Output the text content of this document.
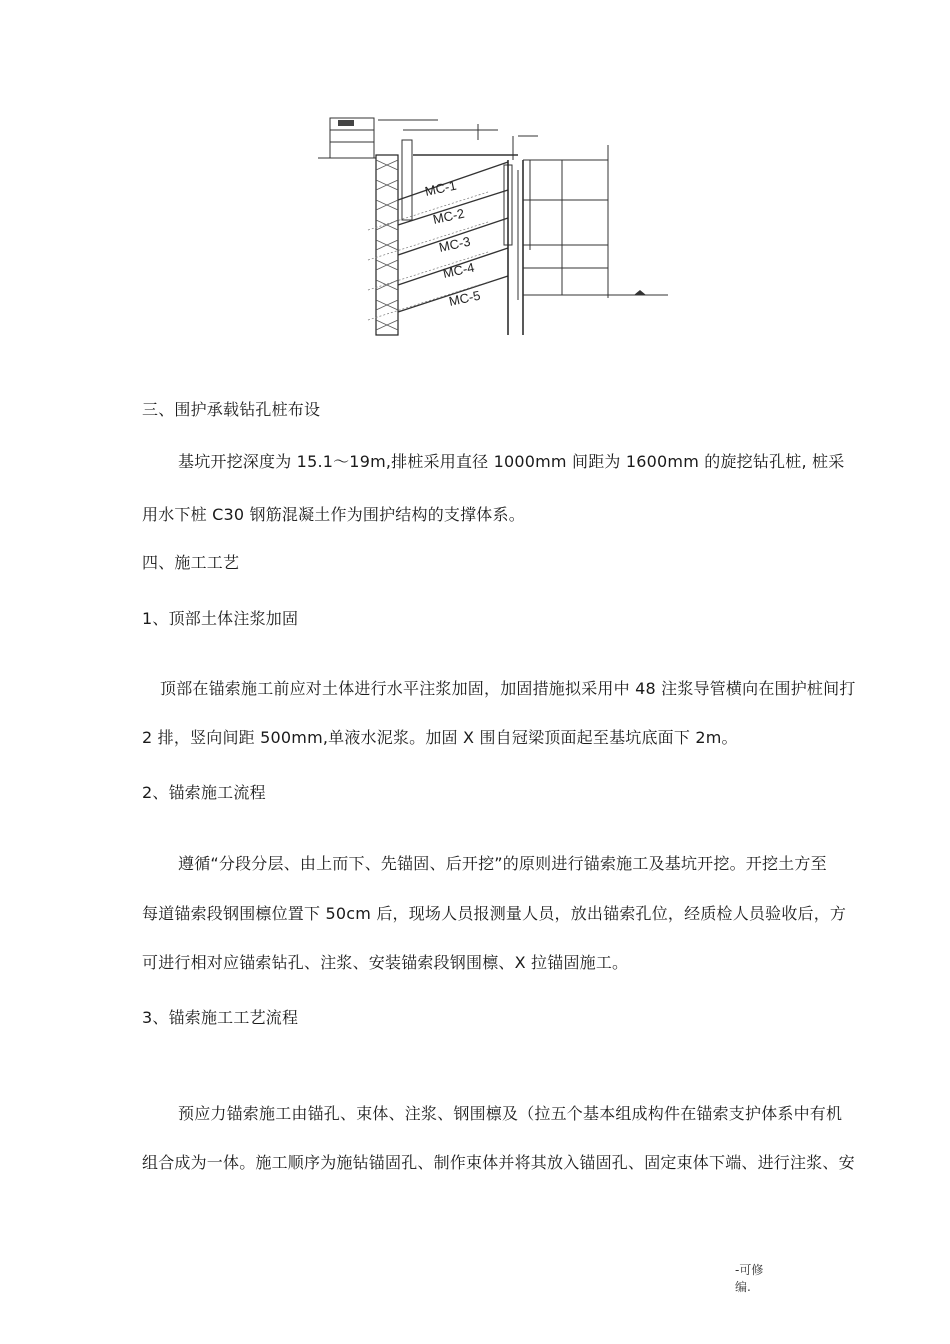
MC-1
MC-2
MC-3
MC-4
MC-5
三、围护承载钻孔桩布设
基坑开挖深度为 15.1～19m,排桩采用直径 1000mm 间距为 1600mm 的旋挖钻孔桩, 桩采
用水下桩 C30 钢筋混凝土作为围护结构的支撑体系。
四、施工工艺
1、顶部土体注浆加固
顶部在锚索施工前应对土体进行水平注浆加固，加固措施拟采用中 48 注浆导管横向在围护桩间打
2 排，竖向间距 500mm,单液水泥浆。加固 X 围自冠梁顶面起至基坑底面下 2m。
2、锚索施工流程
遵循“分段分层、由上而下、先锚固、后开挖”的原则进行锚索施工及基坑开挖。开挖土方至
每道锚索段钢围檩位置下 50cm 后，现场人员报测量人员，放出锚索孔位，经质检人员验收后，方
可进行相对应锚索钻孔、注浆、安装锚索段钢围檩、X 拉锚固施工。
3、锚索施工工艺流程
预应力锚索施工由锚孔、束体、注浆、钢围檩及（拉五个基本组成构件在锚索支护体系中有机
组合成为一体。施工顺序为施钻锚固孔、制作束体并将其放入锚固孔、固定束体下端、进行注浆、安
-可修
编.
